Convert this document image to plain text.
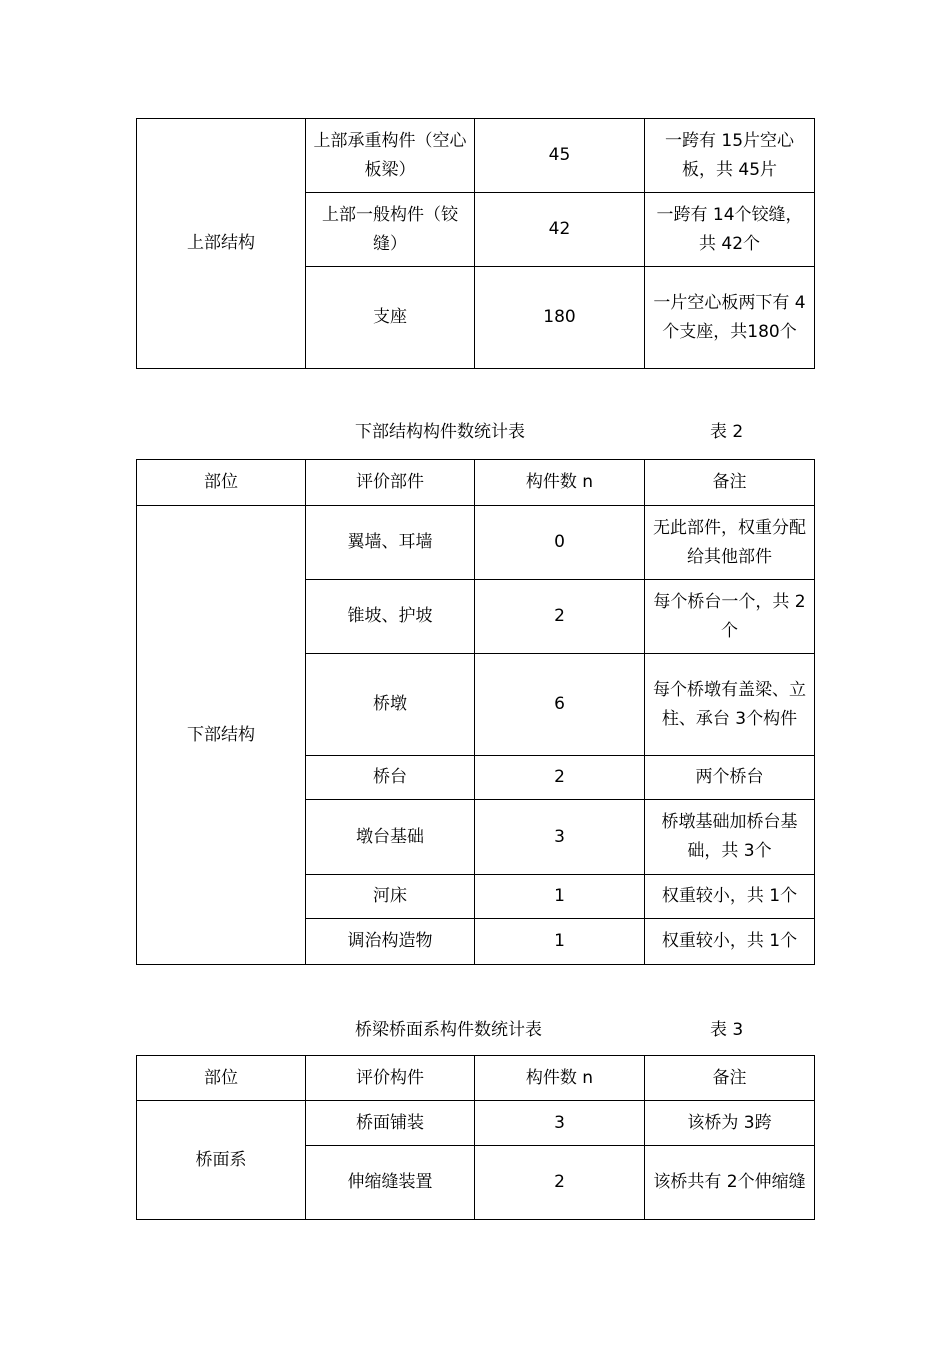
上部结构	上部承重构件（空心板梁）	45	一跨有 15片空心板，共 45片
	上部一般构件（铰缝）	42	一跨有 14个铰缝，共 42个
	支座	180	一片空心板两下有 4个支座，共180个
下部结构构件数统计表	表 2
部位	评价部件	构件数 n	备注
下部结构	翼墙、耳墙	0	无此部件，权重分配给其他部件
	锥坡、护坡	2	每个桥台一个，共 2个
	桥墩	6	每个桥墩有盖梁、立柱、承台 3个构件
	桥台	2	两个桥台
	墩台基础	3	桥墩基础加桥台基础，共 3个
	河床	1	权重较小，共 1个
	调治构造物	1	权重较小，共 1个
桥梁桥面系构件数统计表	表 3
部位	评价构件	构件数 n	备注
桥面系	桥面铺装	3	该桥为 3跨
	伸缩缝装置	2	该桥共有 2个伸缩缝
